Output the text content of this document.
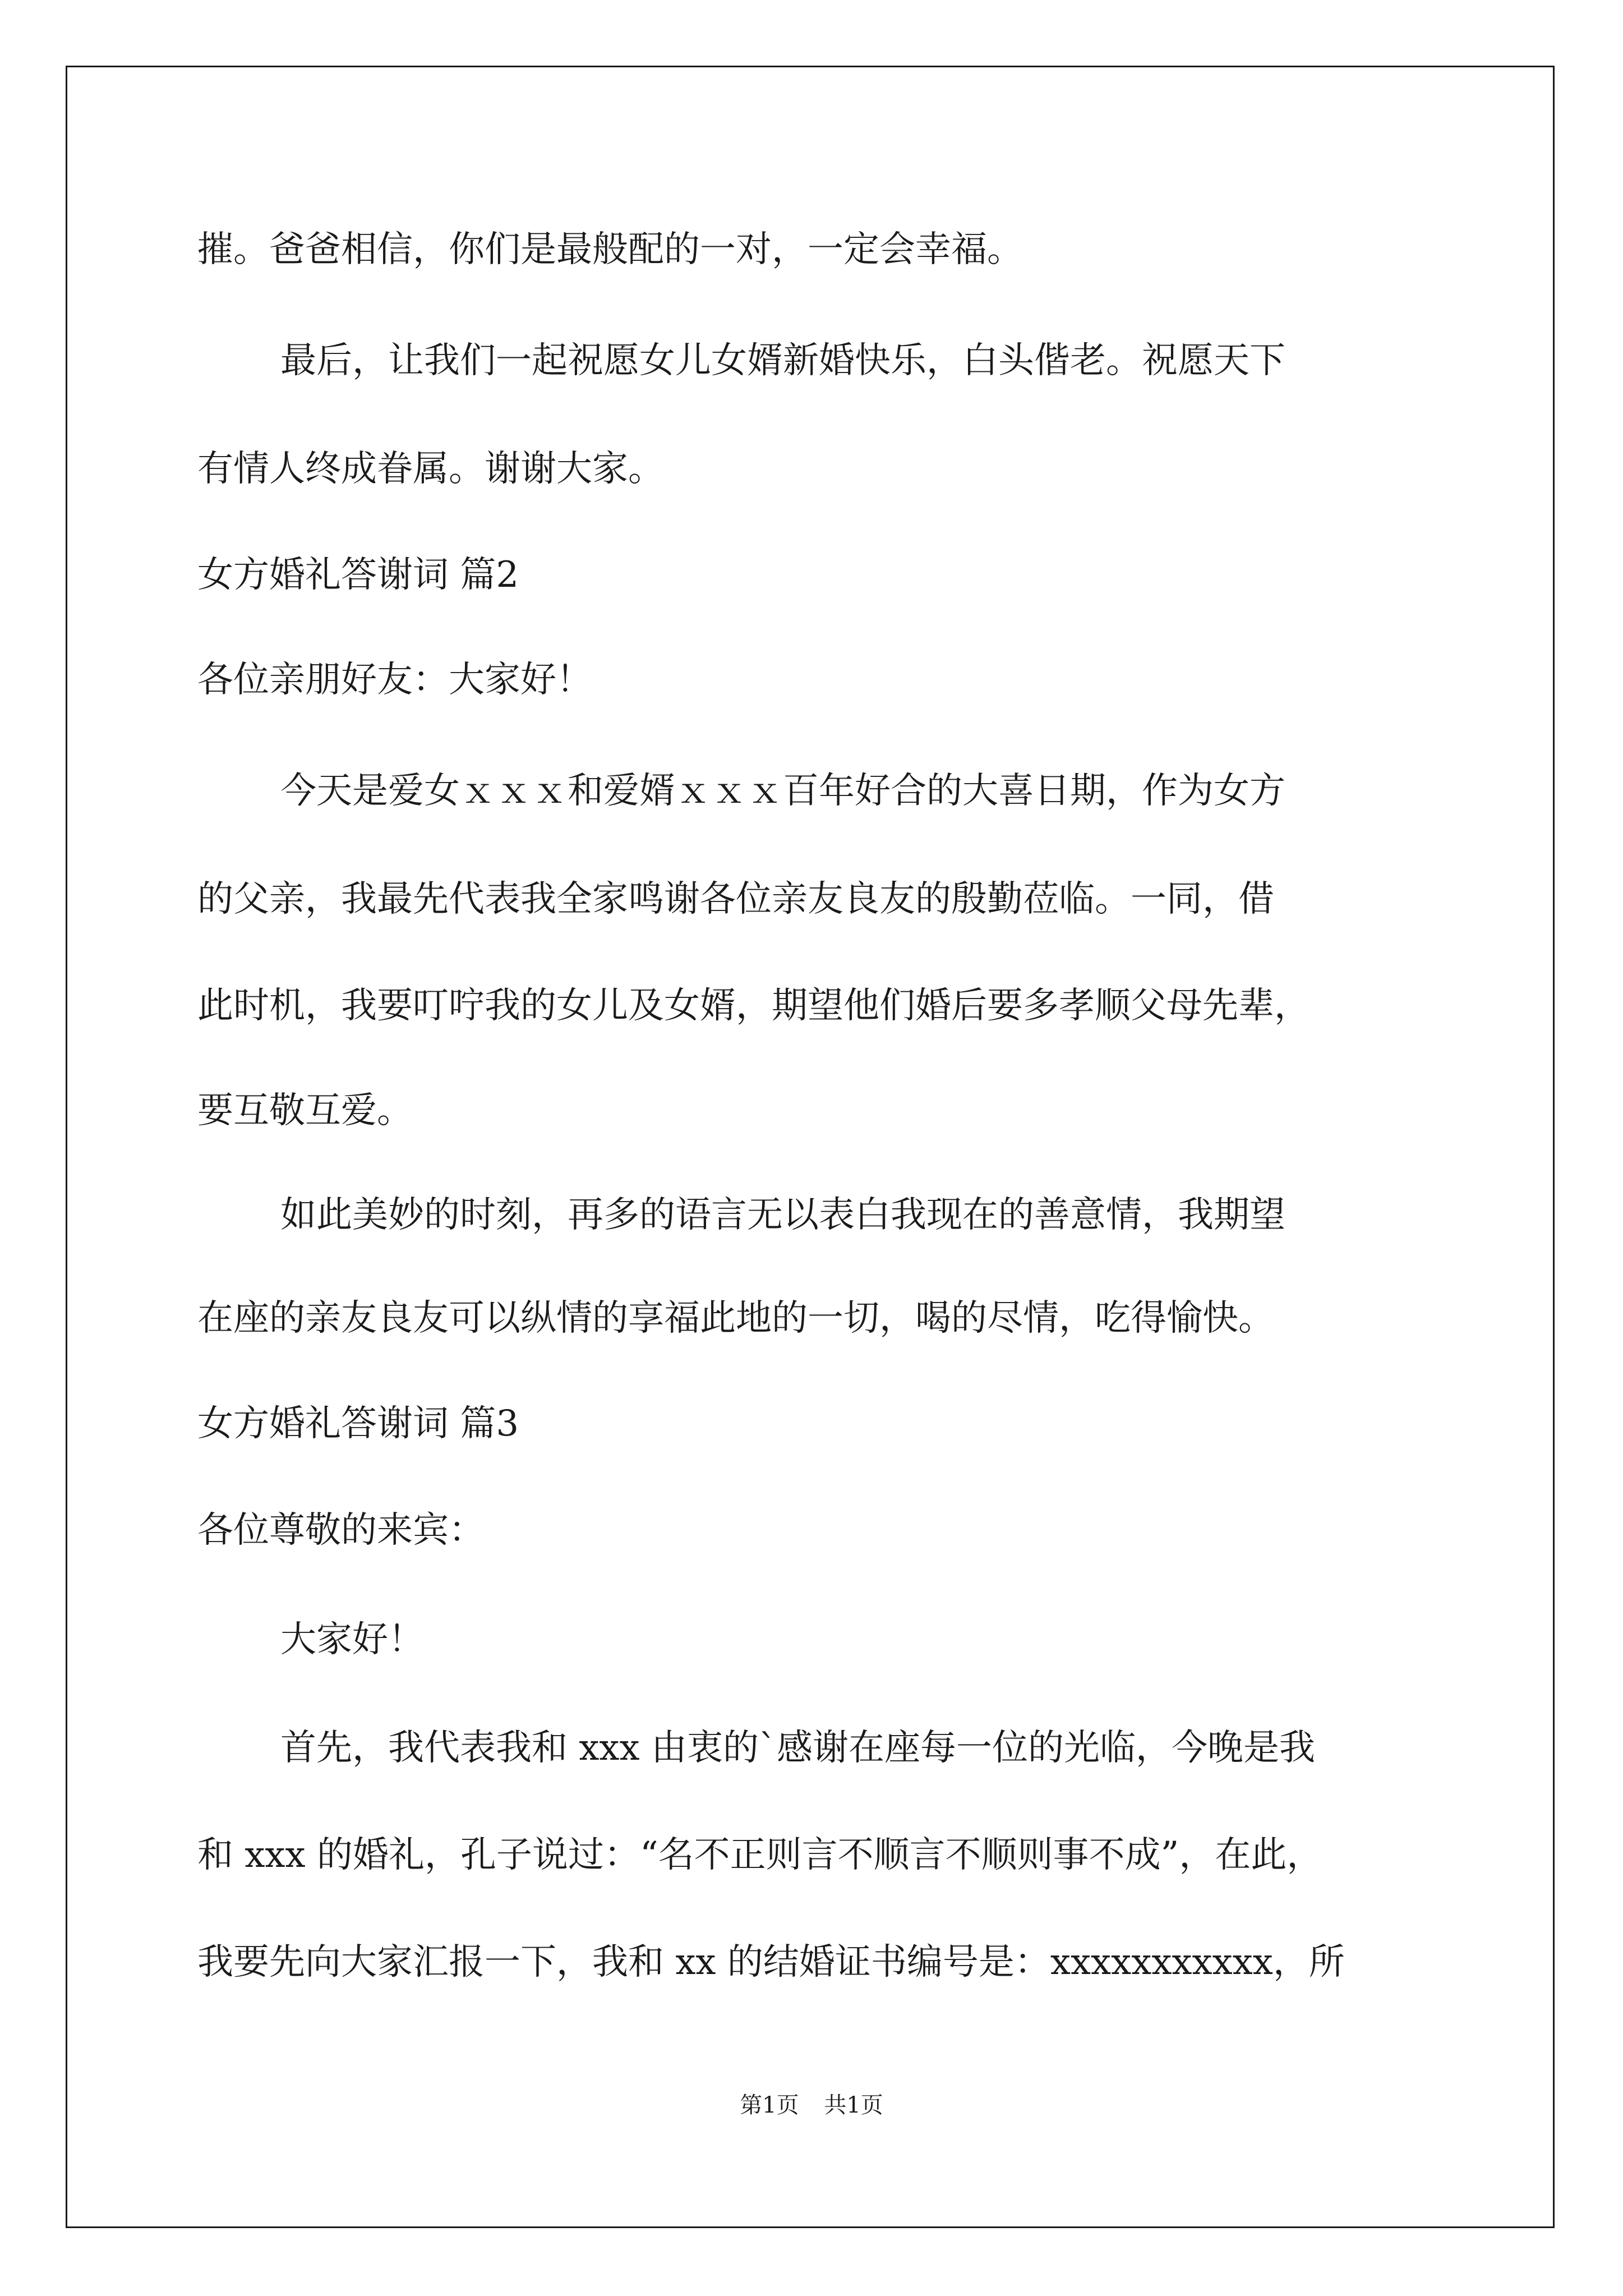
摧。爸爸相信，你们是最般配的一对，一定会幸福。
最后，让我们一起祝愿女儿女婿新婚快乐，白头偕老。祝愿天下
有情人终成眷属。谢谢大家。
女方婚礼答谢词 篇2
各位亲朋好友：大家好！
今天是爱女ｘｘｘ和爱婿ｘｘｘ百年好合的大喜日期，作为女方
的父亲，我最先代表我全家鸣谢各位亲友良友的殷勤莅临。一同，借
此时机，我要叮咛我的女儿及女婿，期望他们婚后要多孝顺父母先辈，
要互敬互爱。
如此美妙的时刻，再多的语言无以表白我现在的善意情，我期望
在座的亲友良友可以纵情的享福此地的一切，喝的尽情，吃得愉快。
女方婚礼答谢词 篇3
各位尊敬的来宾：
大家好！
首先，我代表我和 xxx 由衷的`感谢在座每一位的光临，今晚是我
和 xxx 的婚礼，孔子说过：“名不正则言不顺言不顺则事不成”，在此，
我要先向大家汇报一下，我和 xx 的结婚证书编号是：xxxxxxxxxxx，所
第1页 共1页
